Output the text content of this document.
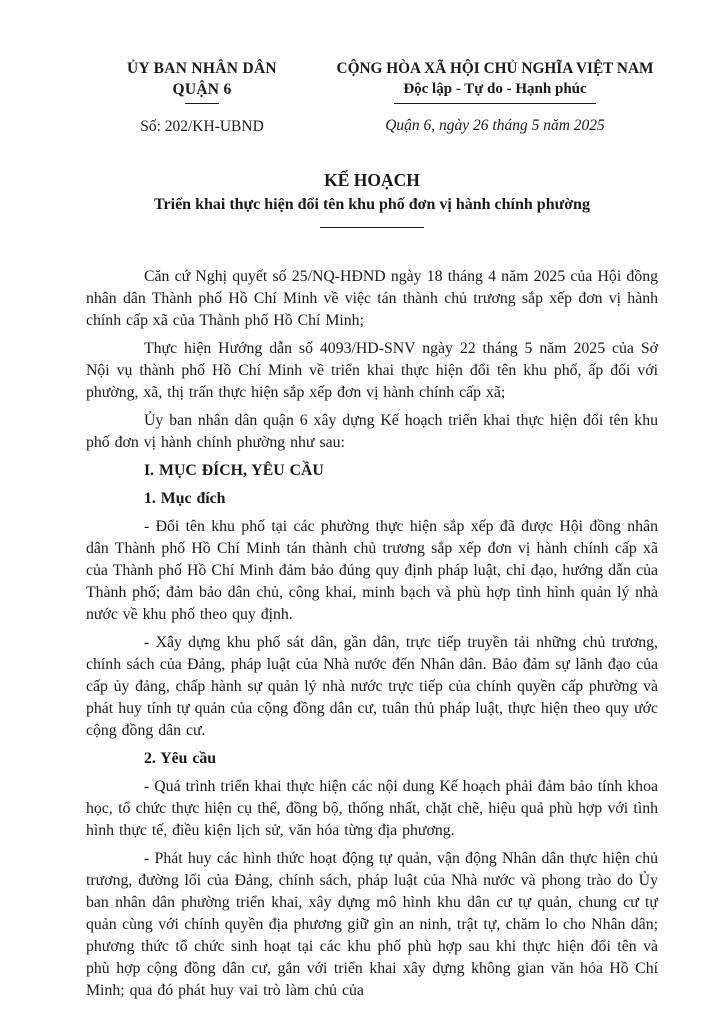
ỦY BAN NHÂN DÂN
QUẬN 6
Số: 202/KH-UBND
CỘNG HÒA XÃ HỘI CHỦ NGHĨA VIỆT NAM
Độc lập - Tự do - Hạnh phúc
Quận 6, ngày 26 tháng 5 năm 2025
KẾ HOẠCH
Triển khai thực hiện đổi tên khu phố đơn vị hành chính phường

Căn cứ Nghị quyết số 25/NQ-HĐND ngày 18 tháng 4 năm 2025 của Hội đồng nhân dân Thành phố Hồ Chí Minh về việc tán thành chủ trương sắp xếp đơn vị hành chính cấp xã của Thành phố Hồ Chí Minh;

Thực hiện Hướng dẫn số 4093/HD-SNV ngày 22 tháng 5 năm 2025 của Sở Nội vụ thành phố Hồ Chí Minh về triển khai thực hiện đổi tên khu phố, ấp đối với phường, xã, thị trấn thực hiện sắp xếp đơn vị hành chính cấp xã;

Ủy ban nhân dân quận 6 xây dựng Kế hoạch triển khai thực hiện đổi tên khu phố đơn vị hành chính phường như sau:

I. MỤC ĐÍCH, YÊU CẦU

1. Mục đích

- Đổi tên khu phố tại các phường thực hiện sắp xếp đã được Hội đồng nhân dân Thành phố Hồ Chí Minh tán thành chủ trương sắp xếp đơn vị hành chính cấp xã của Thành phố Hồ Chí Minh đảm bảo đúng quy định pháp luật, chỉ đạo, hướng dẫn của Thành phố; đảm bảo dân chủ, công khai, minh bạch và phù hợp tình hình quản lý nhà nước về khu phố theo quy định.

- Xây dựng khu phố sát dân, gần dân, trực tiếp truyền tải những chủ trương, chính sách của Đảng, pháp luật của Nhà nước đến Nhân dân. Bảo đảm sự lãnh đạo của cấp ủy đảng, chấp hành sự quản lý nhà nước trực tiếp của chính quyền cấp phường và phát huy tính tự quản của cộng đồng dân cư, tuân thủ pháp luật, thực hiện theo quy ước cộng đồng dân cư.

2. Yêu cầu

- Quá trình triển khai thực hiện các nội dung Kế hoạch phải đảm bảo tính khoa học, tổ chức thực hiện cụ thể, đồng bộ, thống nhất, chặt chẽ, hiệu quả phù hợp với tình hình thực tế, điều kiện lịch sử, văn hóa từng địa phương.

- Phát huy các hình thức hoạt động tự quản, vận động Nhân dân thực hiện chủ trương, đường lối của Đảng, chính sách, pháp luật của Nhà nước và phong trào do Ủy ban nhân dân phường triển khai, xây dựng mô hình khu dân cư tự quản, chung cư tự quản cùng với chính quyền địa phương giữ gìn an ninh, trật tự, chăm lo cho Nhân dân; phương thức tổ chức sinh hoạt tại các khu phố phù hợp sau khi thực hiện đổi tên và phù hợp cộng đồng dân cư, gắn với triển khai xây dựng không gian văn hóa Hồ Chí Minh; qua đó phát huy vai trò làm chủ của
